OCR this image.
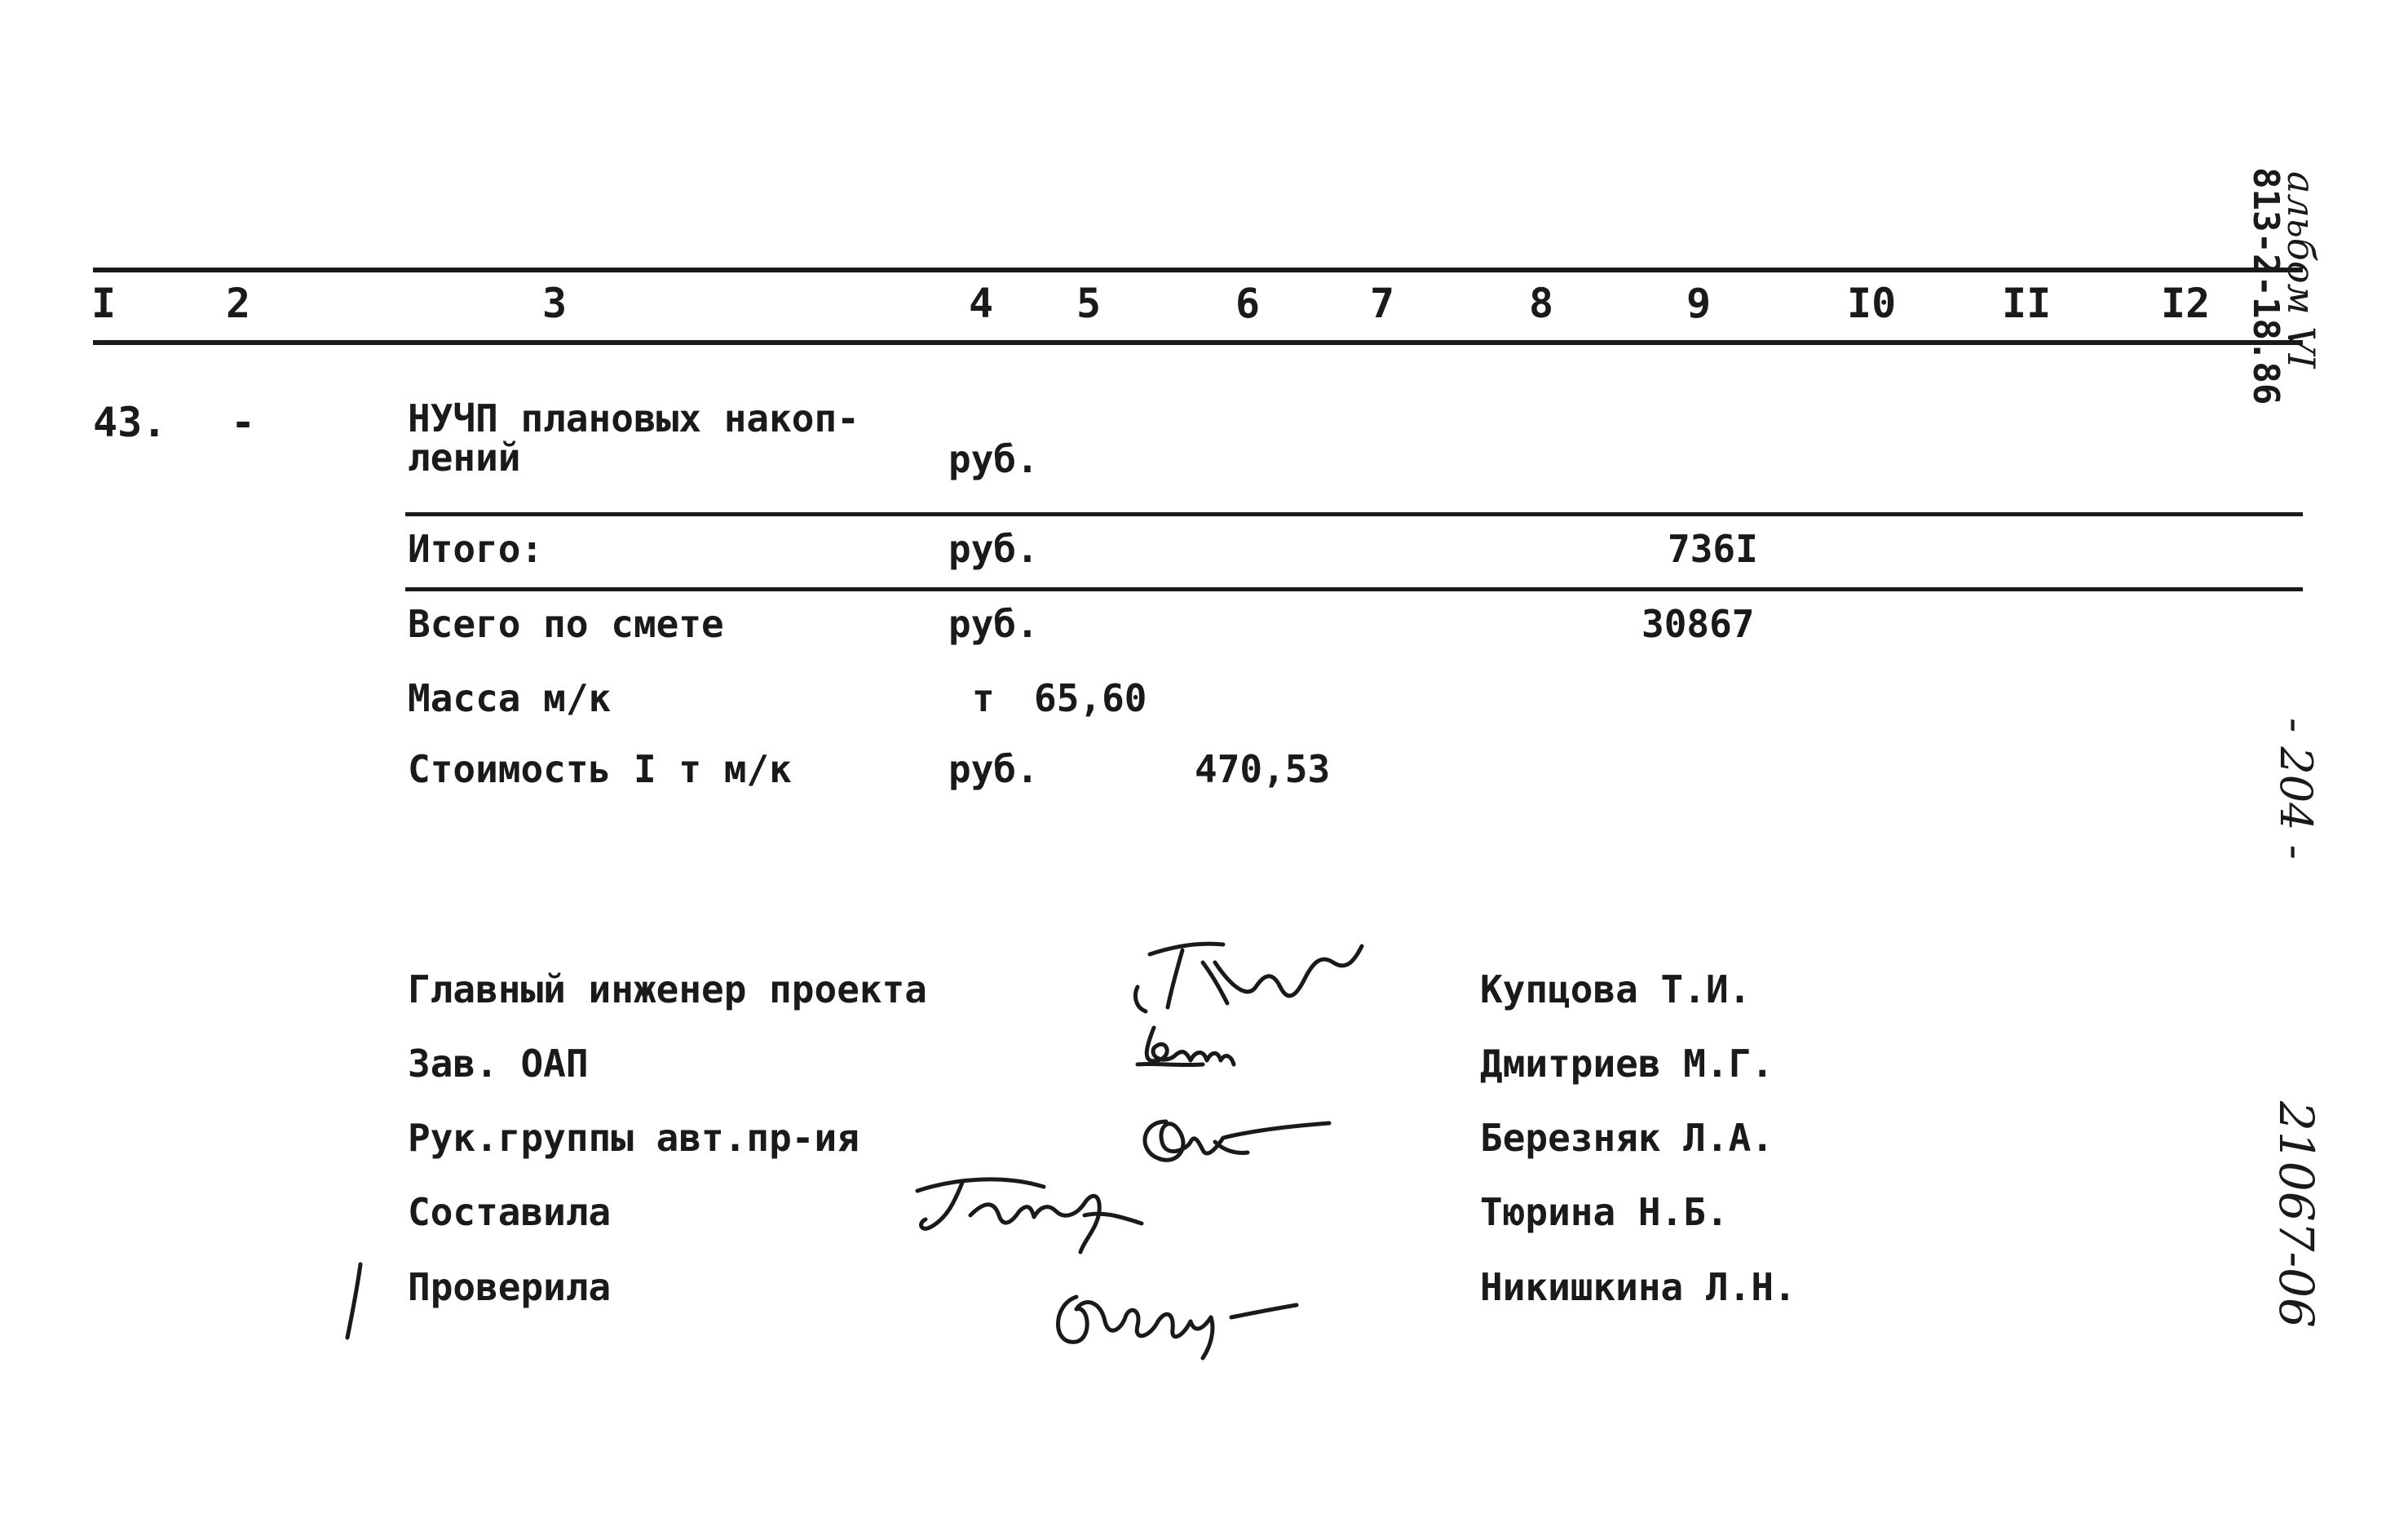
I	2	3	4 5	6	7	8	9	I0	II	I2
813-2-18.86
альбом VI
43. -	НУЧП плановых накоп-
лений	руб.
Итого:	руб.	736I
Всего по смете	руб.	30867
Масса м/к	т 65,60
Стоимость I т м/к	руб.	470,53	- 204 -
Главный инженер проекта	Купцова Т.И.
Зав. ОАП	Дмитриев М.Г.
Рук.группы авт.пр-ия	Березняк Л.А.
Составила	Тюрина Н.Б.
Проверила	Никишкина Л.Н.	21067-06
